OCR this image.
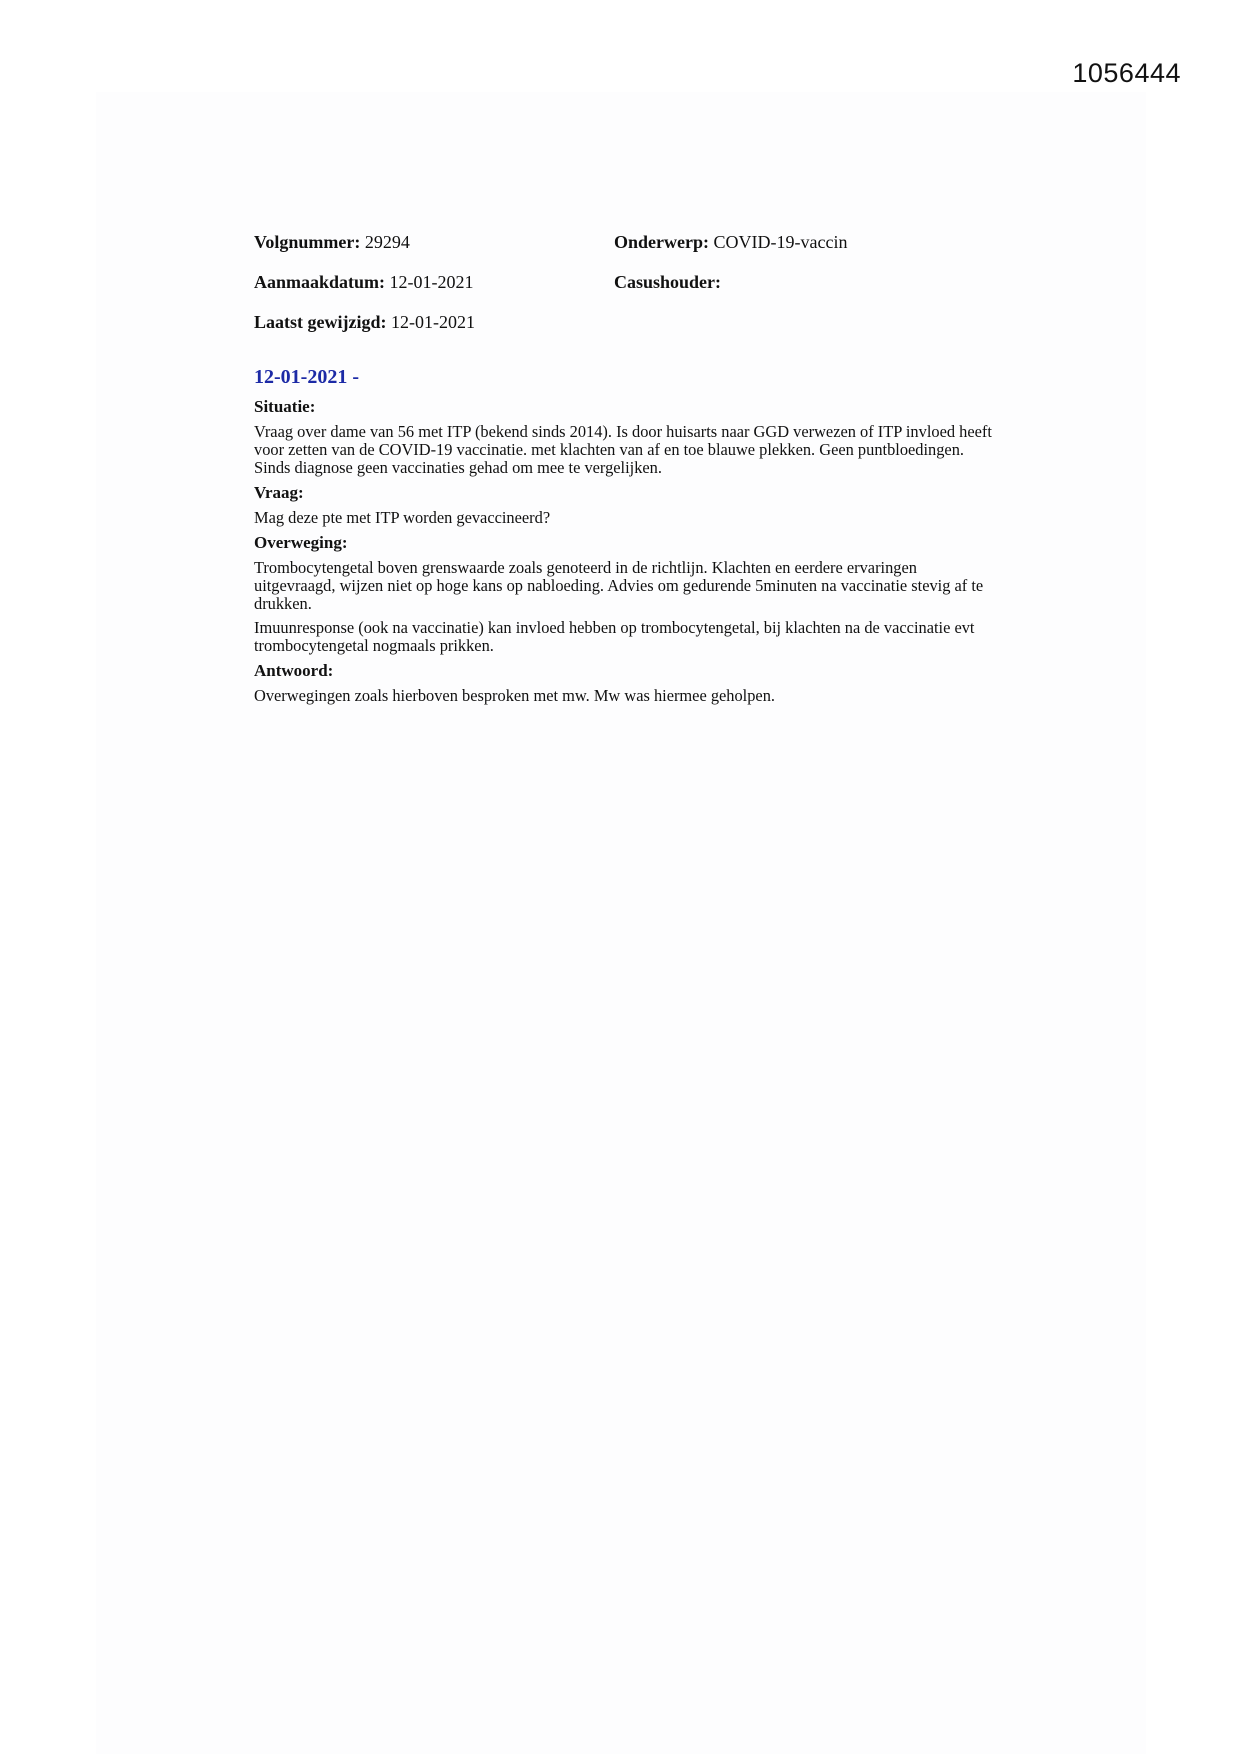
1056444
Volgnummer: 29294	Onderwerp: COVID-19-vaccin
Aanmaakdatum: 12-01-2021	Casushouder:
Laatst gewijzigd: 12-01-2021
12-01-2021 -
Situatie:

Vraag over dame van 56 met ITP (bekend sinds 2014). Is door huisarts naar GGD verwezen of ITP invloed heeft voor zetten van de COVID-19 vaccinatie. met klachten van af en toe blauwe plekken. Geen puntbloedingen. Sinds diagnose geen vaccinaties gehad om mee te vergelijken.

Vraag:

Mag deze pte met ITP worden gevaccineerd?

Overweging:

Trombocytengetal boven grenswaarde zoals genoteerd in de richtlijn. Klachten en eerdere ervaringen uitgevraagd, wijzen niet op hoge kans op nabloeding. Advies om gedurende 5minuten na vaccinatie stevig af te drukken.

Imuunresponse (ook na vaccinatie) kan invloed hebben op trombocytengetal, bij klachten na de vaccinatie evt trombocytengetal nogmaals prikken.

Antwoord:

Overwegingen zoals hierboven besproken met mw. Mw was hiermee geholpen.
